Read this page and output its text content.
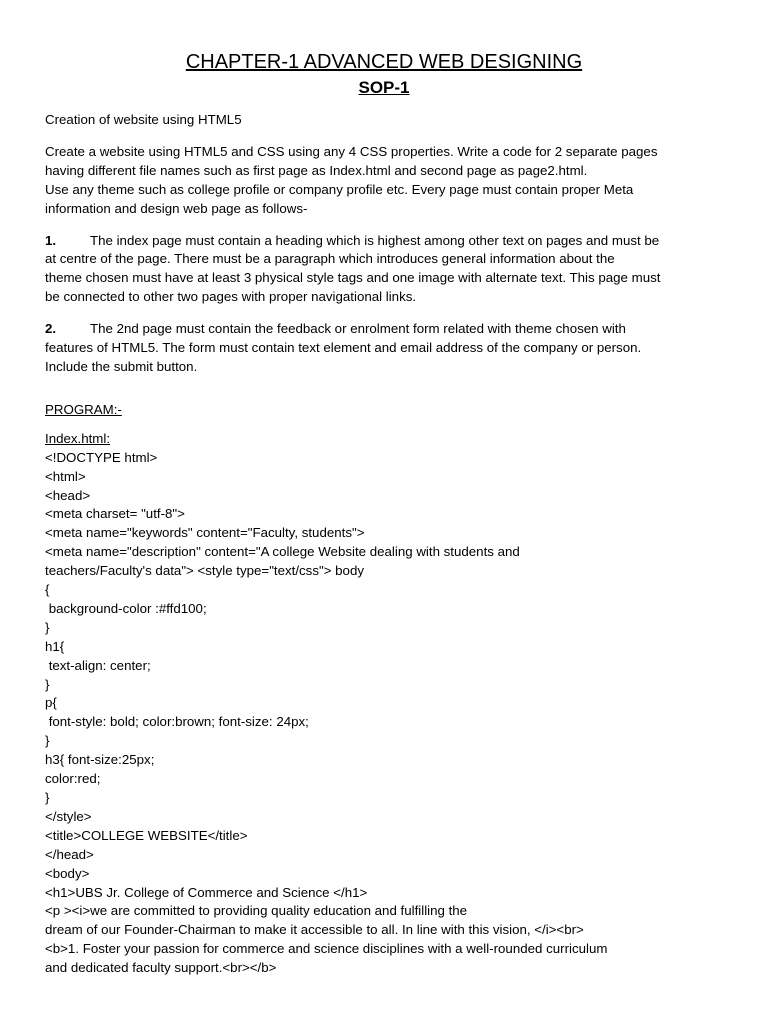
CHAPTER-1 ADVANCED WEB DESIGNING
SOP-1

Creation of website using HTML5

Create a website using HTML5 and CSS using any 4 CSS properties. Write a code for 2 separate pages

having different file names such as first page as Index.html and second page as page2.html.

Use any theme such as college profile or company profile etc. Every page must contain proper Meta

information and design web page as follows-

1.	The index page must contain a heading which is highest among other text on pages and must be

at centre of the page. There must be a paragraph which introduces general information about the

theme chosen must have at least 3 physical style tags and one image with alternate text. This page must

be connected to other two pages with proper navigational links.

2.	The 2nd page must contain the feedback or enrolment form related with theme chosen with

features of HTML5. The form must contain text element and email address of the company or person.

Include the submit button.

PROGRAM:-

Index.html:

<!DOCTYPE html>
<html>
<head>
<meta charset= "utf-8">
<meta name="keywords" content="Faculty, students">
<meta name="description" content="A college Website dealing with students and
teachers/Faculty's data"> <style type="text/css"> body
{
background-color :#ffd100;
}
h1{
text-align: center;
}
p{
font-style: bold; color:brown; font-size: 24px;
}
h3{ font-size:25px;
color:red;
}
</style>
<title>COLLEGE WEBSITE</title>
</head>
<body>
<h1>UBS Jr. College of Commerce and Science </h1>
<p ><i>we are committed to providing quality education and fulfilling the
dream of our Founder-Chairman to make it accessible to all. In line with this vision, </i><br>
<b>1. Foster your passion for commerce and science disciplines with a well-rounded curriculum
and dedicated faculty support.<br></b>
